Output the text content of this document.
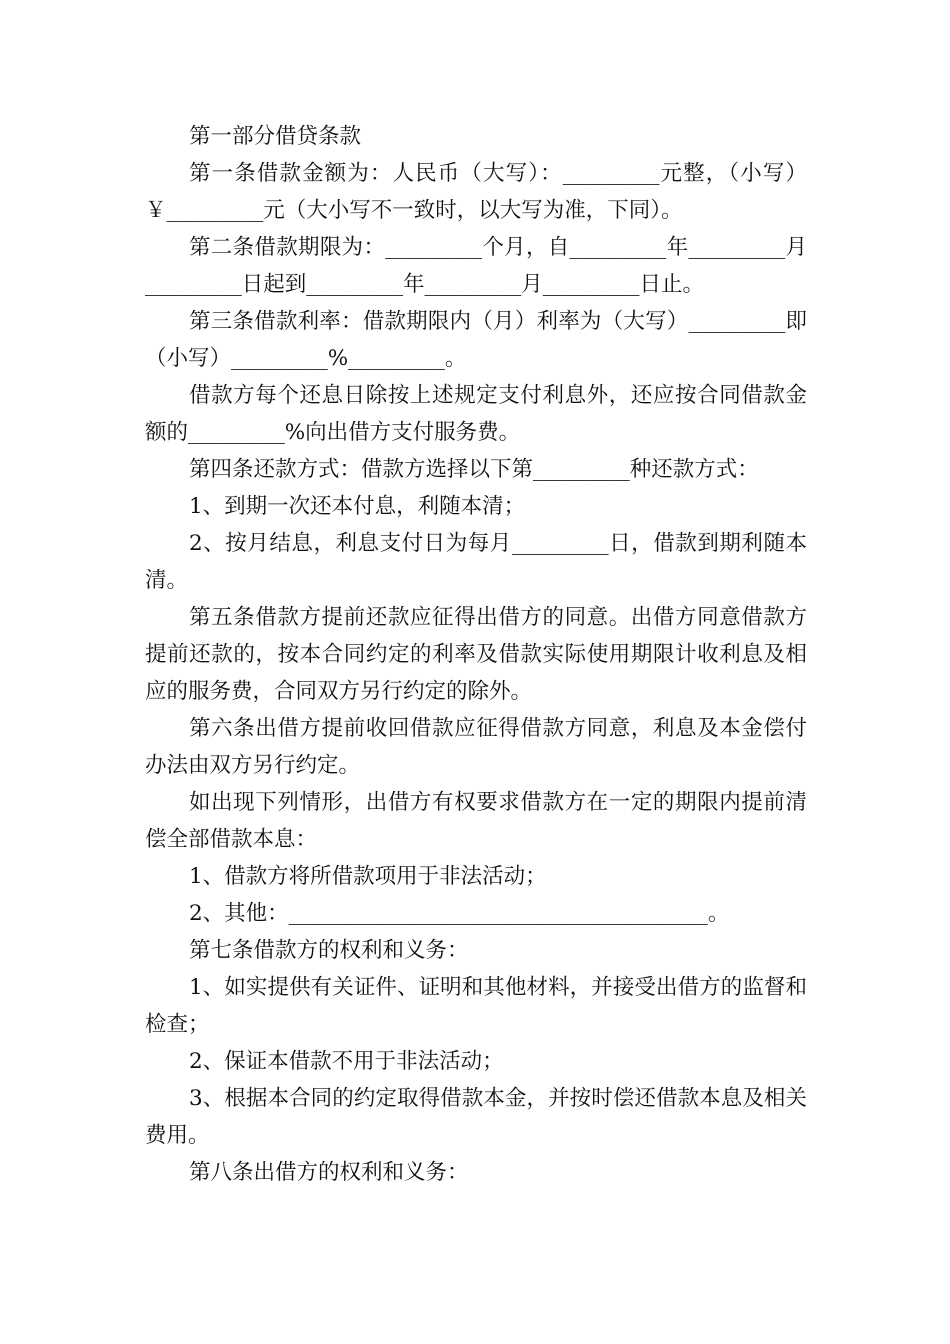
第一部分借贷条款

第一条借款金额为：人民币（大写）：_________元整，（小写）￥_________元（大小写不一致时，以大写为准，下同）。

第二条借款期限为：_________个月，自_________年_________月_________日起到_________年_________月_________日止。

第三条借款利率：借款期限内（月）利率为（大写）_________即（小写）_________%_________。

借款方每个还息日除按上述规定支付利息外，还应按合同借款金额的_________%向出借方支付服务费。

第四条还款方式：借款方选择以下第_________种还款方式：

1、到期一次还本付息，利随本清；

2、按月结息，利息支付日为每月_________日，借款到期利随本清。

第五条借款方提前还款应征得出借方的同意。出借方同意借款方提前还款的，按本合同约定的利率及借款实际使用期限计收利息及相应的服务费，合同双方另行约定的除外。

第六条出借方提前收回借款应征得借款方同意，利息及本金偿付办法由双方另行约定。

如出现下列情形，出借方有权要求借款方在一定的期限内提前清偿全部借款本息：

1、借款方将所借款项用于非法活动；

2、其他：_______________________________________。

第七条借款方的权利和义务：

1、如实提供有关证件、证明和其他材料，并接受出借方的监督和检查；

2、保证本借款不用于非法活动；

3、根据本合同的约定取得借款本金，并按时偿还借款本息及相关费用。

第八条出借方的权利和义务：
